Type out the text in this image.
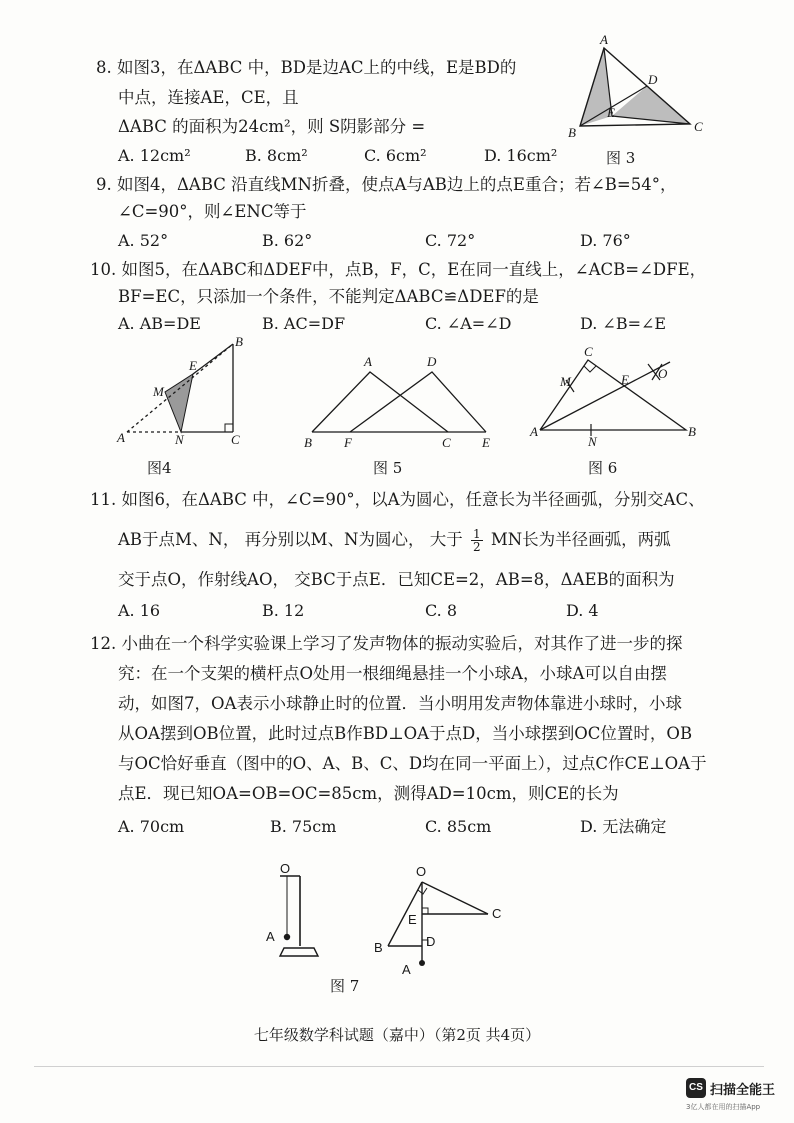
8. 如图3，在ΔABC 中，BD是边AC上的中线，E是BD的
中点，连接AE，CE，且
ΔABC 的面积为24cm²，则 S阴影部分 =
A. 12cm²	B. 8cm²	C. 6cm²	D. 16cm²
A
B	C
D
E
图 3
9. 如图4，ΔABC 沿直线MN折叠，使点A与AB边上的点E重合；若∠B=54°，
∠C=90°，则∠ENC等于
A. 52°	B. 62°	C. 72°	D. 76°
10. 如图5，在ΔABC和ΔDEF中，点B，F，C，E在同一直线上，∠ACB=∠DFE，
BF=EC，只添加一个条件，不能判定ΔABC≌ΔDEF的是
A. AB=DE	B. AC=DF	C. ∠A=∠D	D. ∠B=∠E
A
B
C
E
M
N
图4
A	D
B F	C E
图 5
A	B
C
M
N
E O
图 6
11. 如图6，在ΔABC 中，∠C=90°，以A为圆心，任意长为半径画弧，分别交AC、
AB于点M、N， 再分别以M、N为圆心， 大于 $\frac{1}{2}$ MN长为半径画弧，两弧
交于点O，作射线AO， 交BC于点E．已知CE=2，AB=8，ΔAEB的面积为
A. 16	B. 12	C. 8	D. 4
12. 小曲在一个科学实验课上学习了发声物体的振动实验后，对其作了进一步的探
究：在一个支架的横杆点O处用一根细绳悬挂一个小球A，小球A可以自由摆
动，如图7，OA表示小球静止时的位置．当小明用发声物体靠进小球时，小球
从OA摆到OB位置，此时过点B作BD⊥OA于点D，当小球摆到OC位置时，OB
与OC恰好垂直（图中的O、A、B、C、D均在同一平面上），过点C作CE⊥OA于
点E．现已知OA=OB=OC=85cm，测得AD=10cm，则CE的长为
A. 70cm	B. 75cm	C. 85cm	D. 无法确定
O
A
O
E	C
B	D
A
图 7
七年级数学科试题（嘉中）（第2页 共4页）
CS 扫描全能王
3亿人都在用的扫描App
